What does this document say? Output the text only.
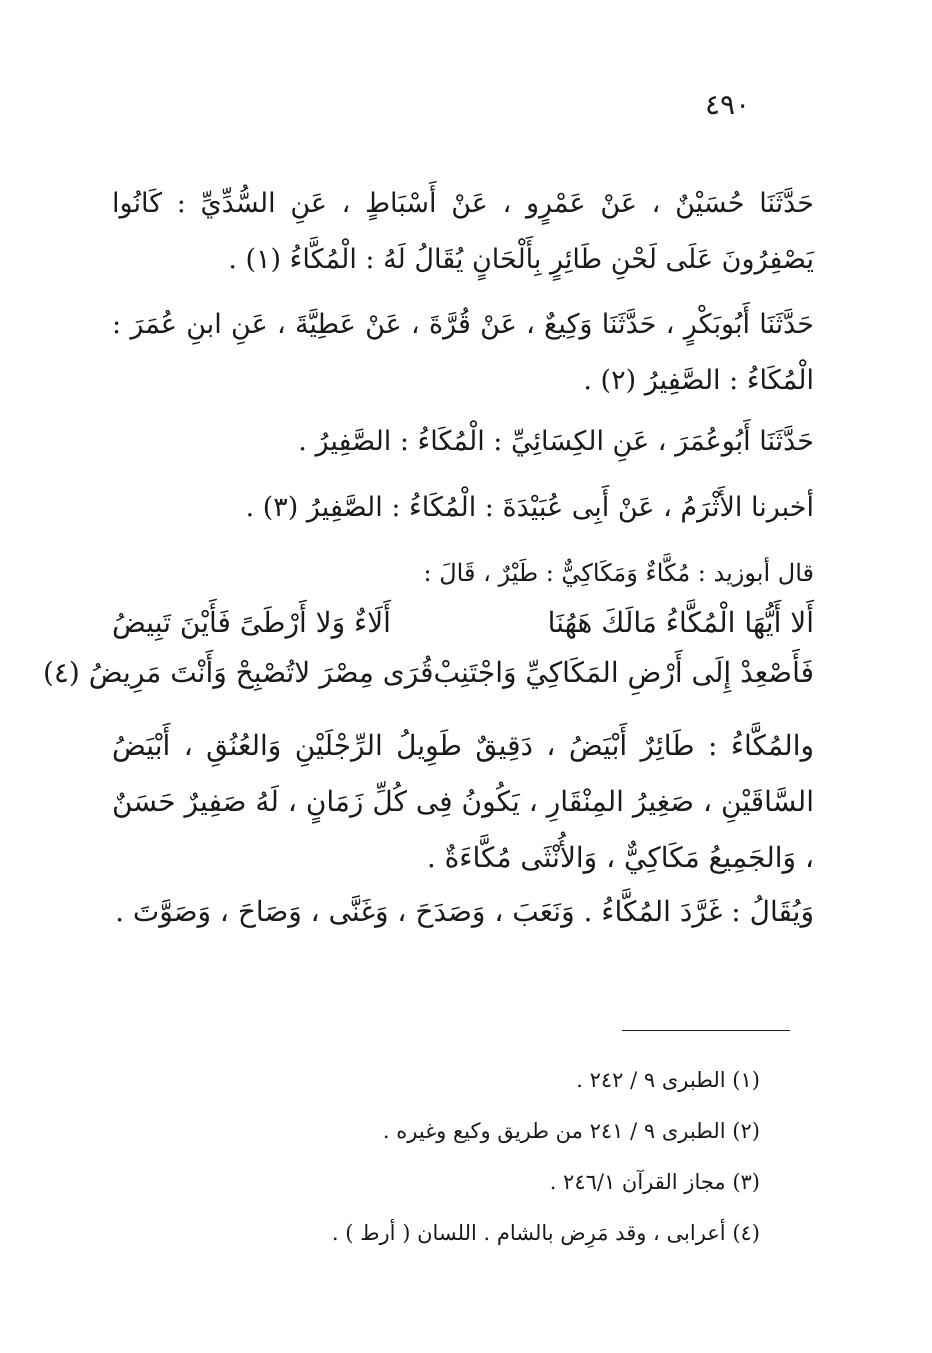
٤٩٠

حَدَّثَنَا حُسَيْنٌ ، عَنْ عَمْرٍو ، عَنْ أَسْبَاطٍ ، عَنِ السُّدِّيِّ : كَانُوا يَصْفِرُونَ عَلَى لَحْنِ طَائِرٍ بِأَلْحَانٍ يُقَالُ لَهُ : الْمُكَّاءُ (١) .

حَدَّثَنَا أَبُوبَكْرٍ ، حَدَّثَنَا وَكِيعٌ ، عَنْ قُرَّةَ ، عَنْ عَطِيَّةَ ، عَنِ ابنِ عُمَرَ : الْمُكَاءُ : الصَّفِيرُ (٢) .

حَدَّثَنَا أَبُوعُمَرَ ، عَنِ الكِسَائِيِّ : الْمُكَاءُ : الصَّفِيرُ .

أخبرنا الأَثْرَمُ ، عَنْ أَبِى عُبَيْدَةَ : الْمُكَاءُ : الصَّفِيرُ (٣) .

قال أبوزيد : مُكَّاءٌ وَمَكَاكِيٌّ : طَيْرٌ ، قَالَ :

أَلا أَيُّهَا الْمُكَّاءُ مَالَكَ هَهُنَا
أَلَاءٌ وَلا أَرْطَىً فَأَيْنَ تَبِيضُ
فَأَصْعِدْ إِلَى أَرْضِ المَكَاكِيِّ وَاجْتَنِبْ
قُرَى مِصْرَ لاتُصْبِحْ وَأَنْتَ مَرِيضُ (٤)

والمُكَّاءُ : طَائِرٌ أَبْيَضُ ، دَقِيقٌ طَوِيلُ الرِّجْلَيْنِ وَالعُنُقِ ، أَبْيَضُ السَّاقَيْنِ ، صَغِيرُ المِنْقَارِ ، يَكُونُ فِى كُلِّ زَمَانٍ ، لَهُ صَفِيرٌ حَسَنٌ ، وَالجَمِيعُ مَكَاكِيٌّ ، وَالأُنْثَى مُكَّاءَةٌ .

وَيُقَالُ : غَرَّدَ المُكَّاءُ . وَنَعَبَ ، وَصَدَحَ ، وَغَنَّى ، وَصَاحَ ، وَصَوَّتَ .

(١) الطبرى ٩ / ٢٤٢ .
(٢) الطبرى ٩ / ٢٤١ من طريق وكيع وغيره .
(٣) مجاز القرآن ٢٤٦/١ .
(٤) أعرابى ، وقد مَرِض بالشام . اللسان ( أرط ) .
